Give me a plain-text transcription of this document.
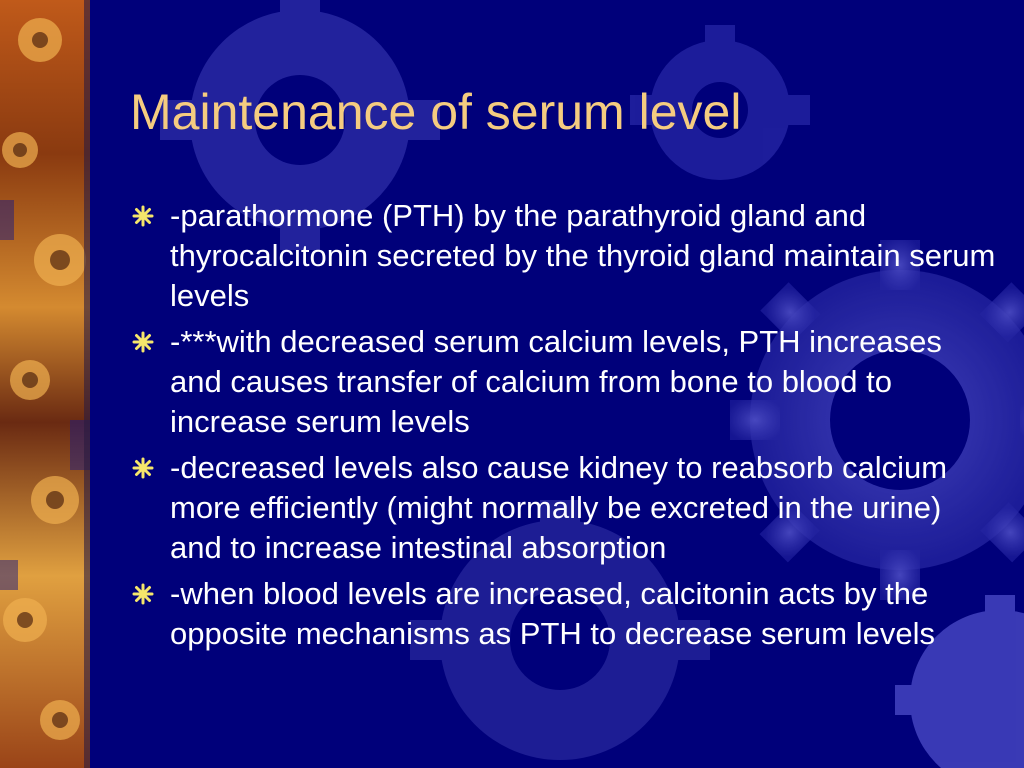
Maintenance of serum level
-parathormone (PTH) by the parathyroid gland and thyrocalcitonin secreted by the thyroid gland maintain serum levels
-***with decreased serum calcium levels, PTH increases and causes transfer of calcium from bone to blood to increase serum levels
-decreased levels also cause kidney to reabsorb calcium more efficiently (might normally be excreted in the urine) and to increase intestinal absorption
-when blood levels are increased, calcitonin acts by the opposite mechanisms as PTH to decrease serum levels
